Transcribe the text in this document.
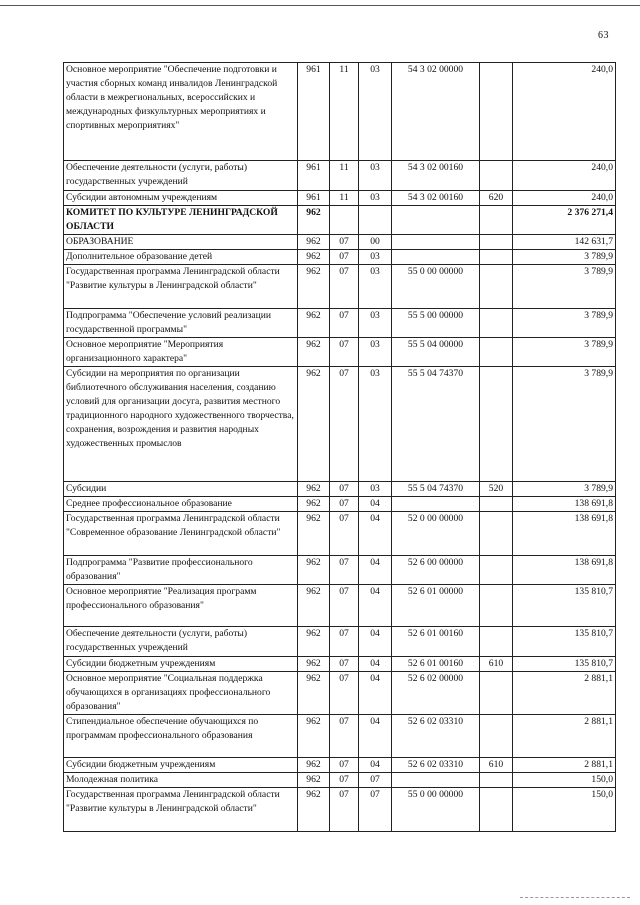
63
Основное мероприятие "Обеспечение подготовки и участия сборных команд инвалидов Ленинградской области в межрегиональных, всероссийских и международных физкультурных мероприятиях и спортивных мероприятиях"	961	11	03	54 3 02 00000		240,0
Обеспечение деятельности (услуги, работы) государственных учреждений	961	11	03	54 3 02 00160		240,0
Субсидии автономным учреждениям	961	11	03	54 3 02 00160	620	240,0
КОМИТЕТ ПО КУЛЬТУРЕ ЛЕНИНГРАДСКОЙ ОБЛАСТИ	962					2 376 271,4
ОБРАЗОВАНИЕ	962	07	00			142 631,7
Дополнительное образование детей	962	07	03			3 789,9
Государственная программа Ленинградской области "Развитие культуры в Ленинградской области"	962	07	03	55 0 00 00000		3 789,9
Подпрограмма "Обеспечение условий реализации государственной программы"	962	07	03	55 5 00 00000		3 789,9
Основное мероприятие "Мероприятия организационного характера"	962	07	03	55 5 04 00000		3 789,9
Субсидии на мероприятия по организации библиотечного обслуживания населения, созданию условий для организации досуга, развития местного традиционного народного художественного творчества, сохранения, возрождения и развития народных художественных промыслов	962	07	03	55 5 04 74370		3 789,9
Субсидии	962	07	03	55 5 04 74370	520	3 789,9
Среднее профессиональное образование	962	07	04			138 691,8
Государственная программа Ленинградской области "Современное образование Ленинградской области"	962	07	04	52 0 00 00000		138 691,8
Подпрограмма "Развитие профессионального образования"	962	07	04	52 6 00 00000		138 691,8
Основное мероприятие "Реализация программ профессионального образования"	962	07	04	52 6 01 00000		135 810,7
Обеспечение деятельности (услуги, работы) государственных учреждений	962	07	04	52 6 01 00160		135 810,7
Субсидии бюджетным учреждениям	962	07	04	52 6 01 00160	610	135 810,7
Основное мероприятие "Социальная поддержка обучающихся в организациях профессионального образования"	962	07	04	52 6 02 00000		2 881,1
Стипендиальное обеспечение обучающихся по программам профессионального образования	962	07	04	52 6 02 03310		2 881,1
Субсидии бюджетным учреждениям	962	07	04	52 6 02 03310	610	2 881,1
Молодежная политика	962	07	07			150,0
Государственная программа Ленинградской области "Развитие культуры в Ленинградской области"	962	07	07	55 0 00 00000		150,0
